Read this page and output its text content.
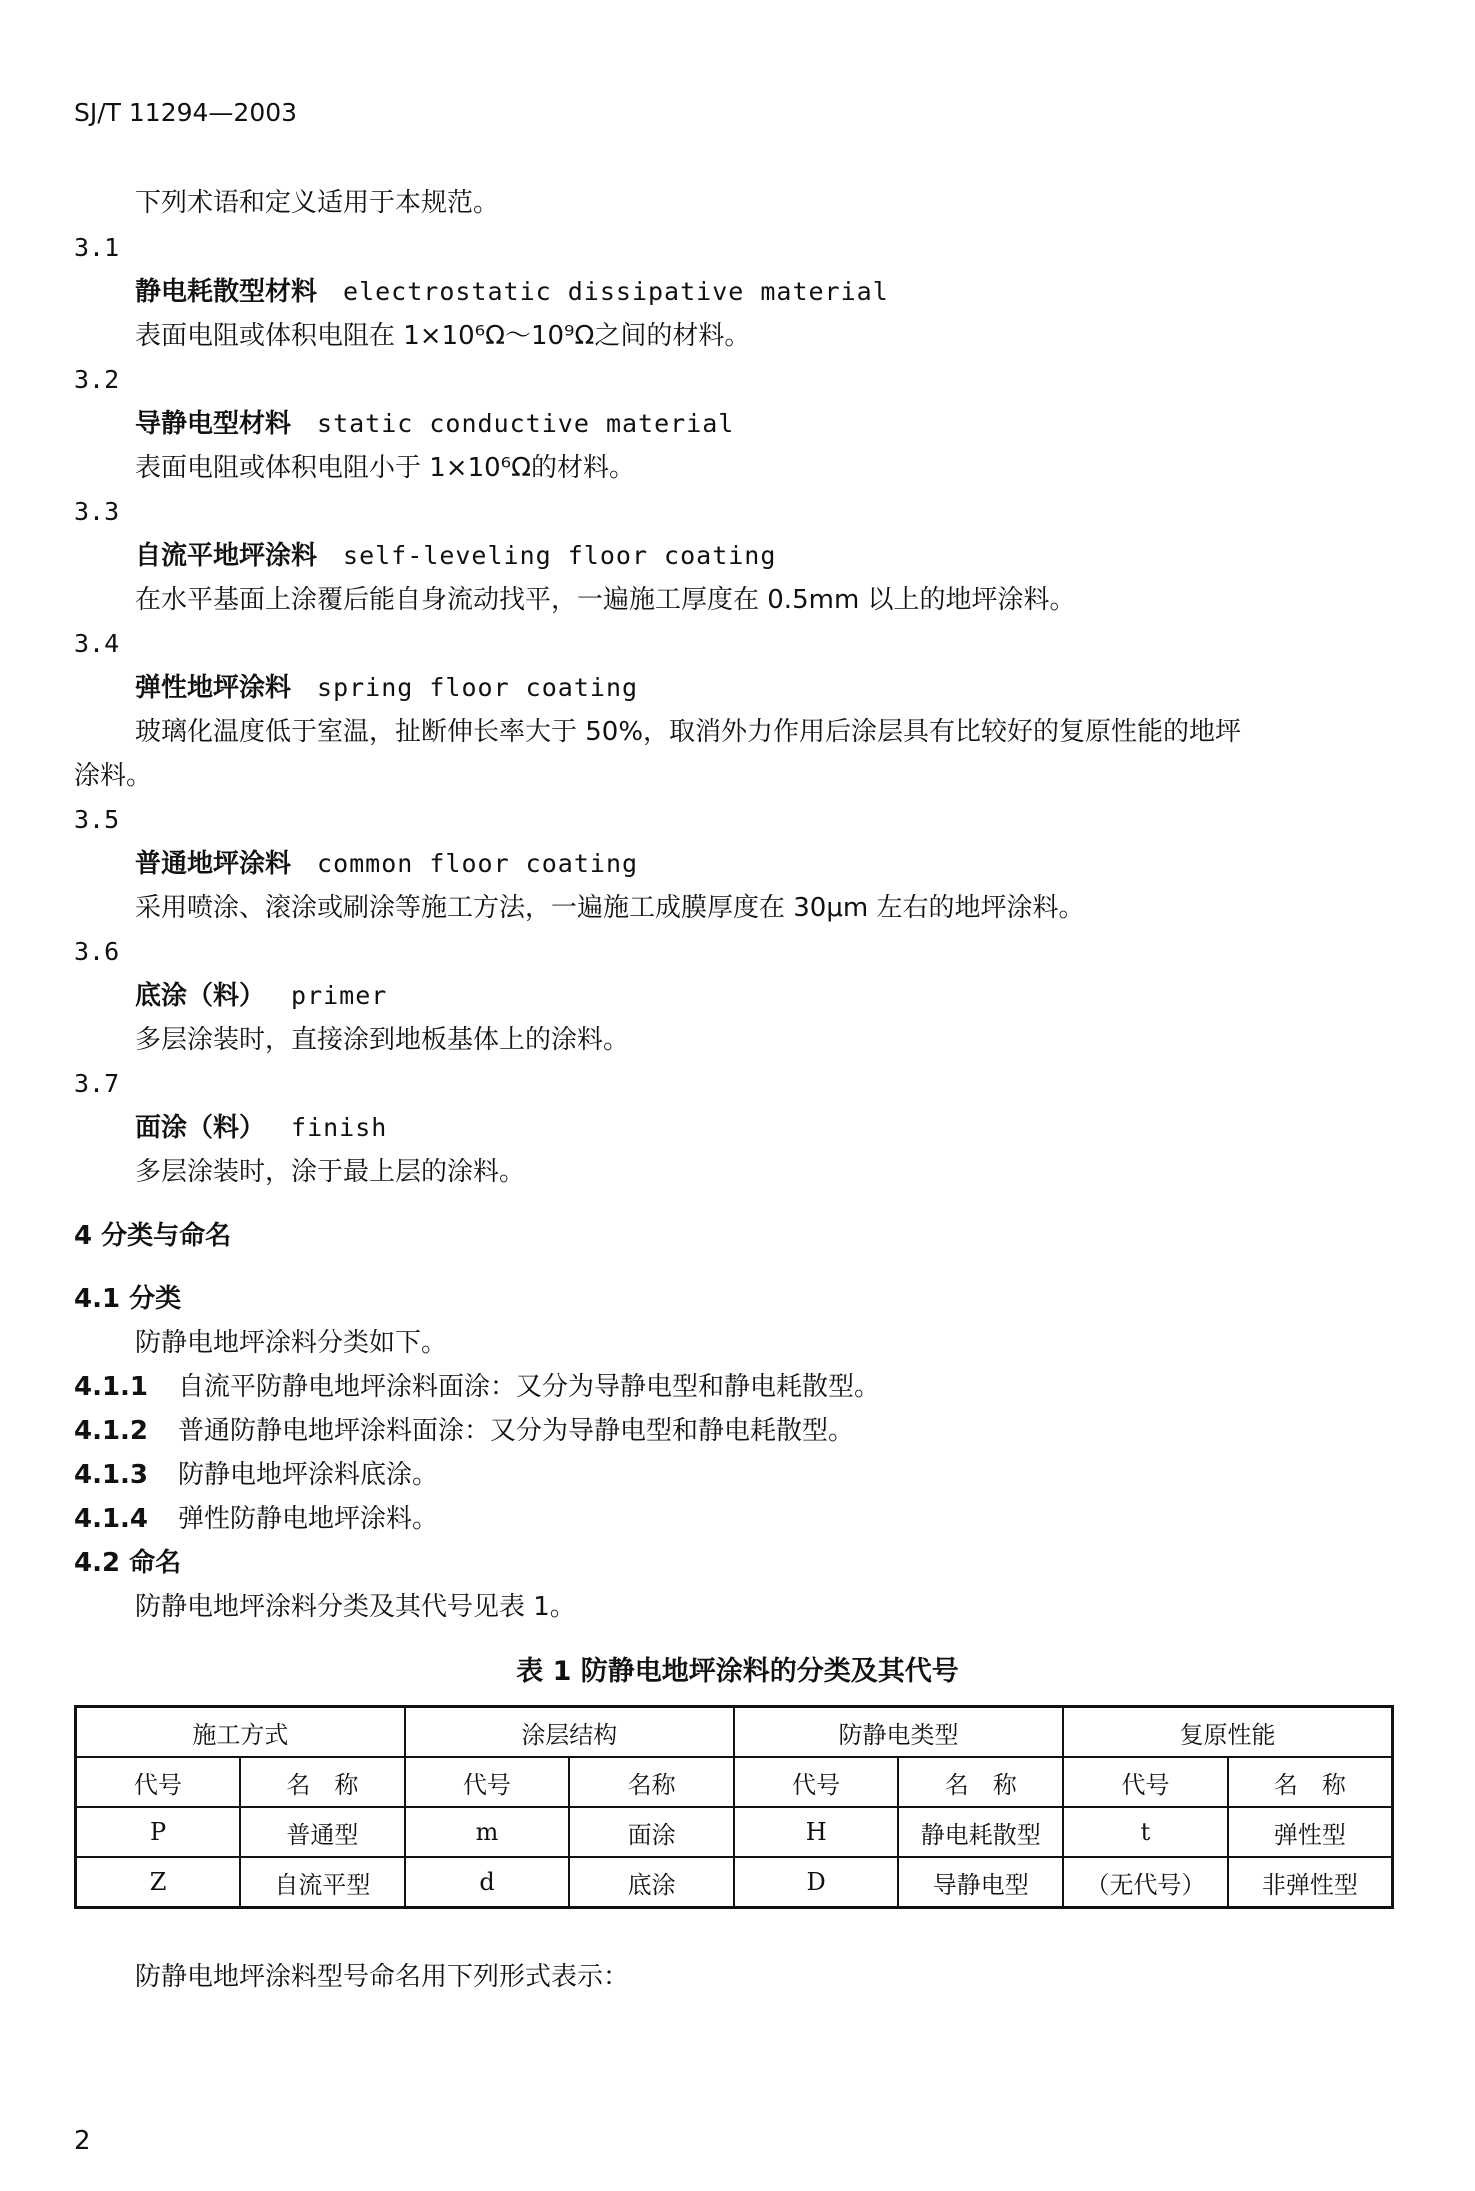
SJ/T 11294—2003
下列术语和定义适用于本规范。
3.1
静电耗散型材料 electrostatic dissipative material
表面电阻或体积电阻在 1×10⁶Ω～10⁹Ω之间的材料。
3.2
导静电型材料 static conductive material
表面电阻或体积电阻小于 1×10⁶Ω的材料。
3.3
自流平地坪涂料 self-leveling floor coating
在水平基面上涂覆后能自身流动找平，一遍施工厚度在 0.5mm 以上的地坪涂料。
3.4
弹性地坪涂料 spring floor coating
玻璃化温度低于室温，扯断伸长率大于 50%，取消外力作用后涂层具有比较好的复原性能的地坪
涂料。
3.5
普通地坪涂料 common floor coating
采用喷涂、滚涂或刷涂等施工方法，一遍施工成膜厚度在 30μm 左右的地坪涂料。
3.6
底涂（料） primer
多层涂装时，直接涂到地板基体上的涂料。
3.7
面涂（料） finish
多层涂装时，涂于最上层的涂料。
4 分类与命名
4.1 分类
防静电地坪涂料分类如下。
4.1.1 自流平防静电地坪涂料面涂：又分为导静电型和静电耗散型。
4.1.2 普通防静电地坪涂料面涂：又分为导静电型和静电耗散型。
4.1.3 防静电地坪涂料底涂。
4.1.4 弹性防静电地坪涂料。
4.2 命名
防静电地坪涂料分类及其代号见表 1。
表 1 防静电地坪涂料的分类及其代号
施工方式		涂层结构		防静电类型		复原性能	
代号	名　称	代号	名称	代号	名　称	代号	名　称
P	普通型	m	面涂	H	静电耗散型	t	弹性型
Z	自流平型	d	底涂	D	导静电型	（无代号）	非弹性型
防静电地坪涂料型号命名用下列形式表示：
2
